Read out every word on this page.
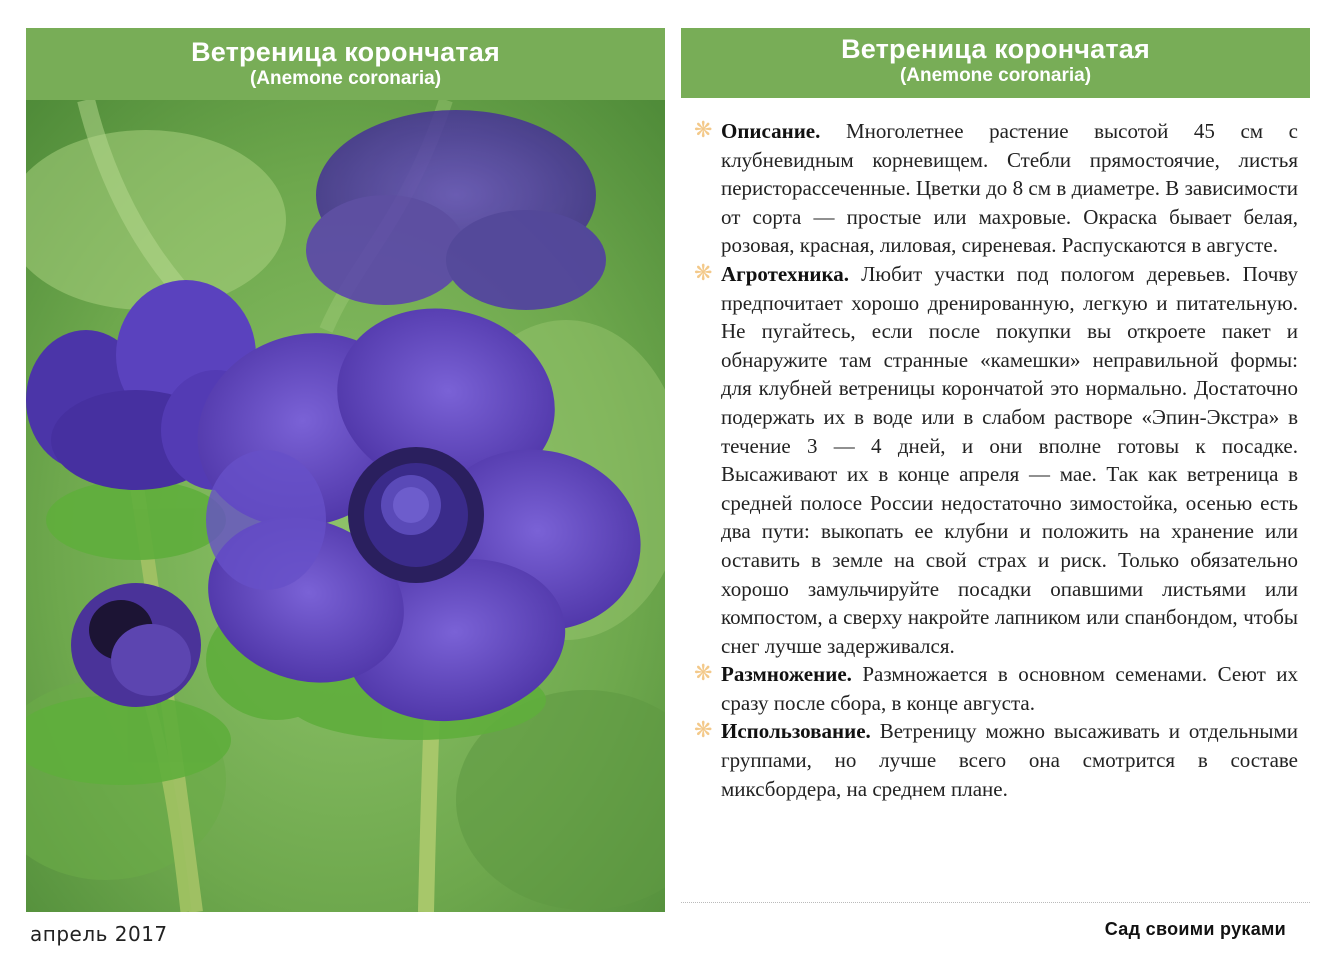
Ветреница корончатая
(Anemone coronaria)
Ветреница корончатая
(Anemone coronaria)
❋ Описание. Многолетнее растение высотой 45 см с клубневидным корневищем. Стебли прямостоячие, листья перисторассеченные. Цветки до 8 см в диаметре. В зависимости от сорта — простые или махровые. Окраска бывает белая, розовая, красная, лиловая, сиреневая. Распускаются в августе.
❋ Агротехника. Любит участки под пологом деревьев. Почву предпочитает хорошо дренированную, легкую и питательную. Не пугайтесь, если после покупки вы откроете пакет и обнаружите там странные «камешки» неправильной формы: для клубней ветреницы корончатой это нормально. Достаточно подержать их в воде или в слабом растворе «Эпин-Экстра» в течение 3 — 4 дней, и они вполне готовы к посадке. Высаживают их в конце апреля — мае. Так как ветреница в средней полосе России недостаточно зимостойка, осенью есть два пути: выкопать ее клубни и положить на хранение или оставить в земле на свой страх и риск. Только обязательно хорошо замульчируйте посадки опавшими листьями или компостом, а сверху накройте лапником или спанбондом, чтобы снег лучше задерживался.
❋ Размножение. Размножается в основном семенами. Сеют их сразу после сбора, в конце августа.
❋ Использование. Ветреницу можно высаживать и отдельными группами, но лучше всего она смотрится в составе миксбордера, на среднем плане.
апрель 2017	Сад своими руками
